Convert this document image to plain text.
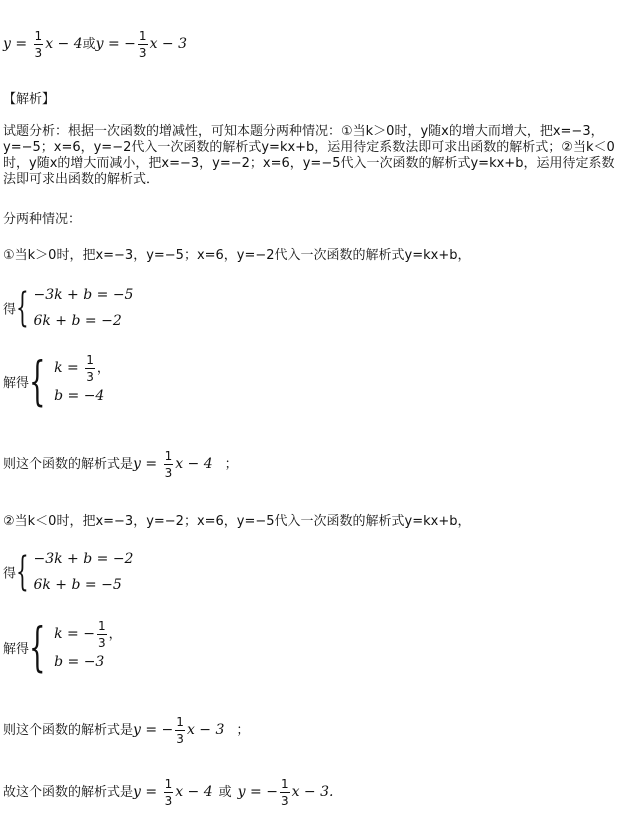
$y = \frac{1}{3}$ x − 4或y = − $\frac{1}{3}$ x − 3
【解析】
试题分析：根据一次函数的增减性，可知本题分两种情况：①当k＞0时，y随x的增大而增大，把x=−3，y=−5；x=6，y=−2代入一次函数的解析式y=kx+b，运用待定系数法即可求出函数的解析式；②当k＜0时，y随x的增大而减小，把x=−3，y=−2；x=6，y=−5代入一次函数的解析式y=kx+b，运用待定系数法即可求出函数的解析式．
分两种情况：
①当k＞0时，把x=−3，y=−5；x=6，y=−2代入一次函数的解析式y=kx+b，
得{ −3k + b = −5
6k + b = −2
解得{ $k = \frac{1}{3}$ ，
b = −4
则这个函数的解析式是$y = \frac{1}{3}$ x − 4 ；
②当k＜0时，把x=−3，y=−2；x=6，y=−5代入一次函数的解析式y=kx+b，
得{ −3k + b = −2
6k + b = −5
解得{ k = − $\frac{1}{3}$ ，
b = −3
则这个函数的解析式是y = − $\frac{1}{3}$ x − 3 ；
故这个函数的解析式是$y = \frac{1}{3}$ x − 4 或 y = − $\frac{1}{3}$ x − 3.
